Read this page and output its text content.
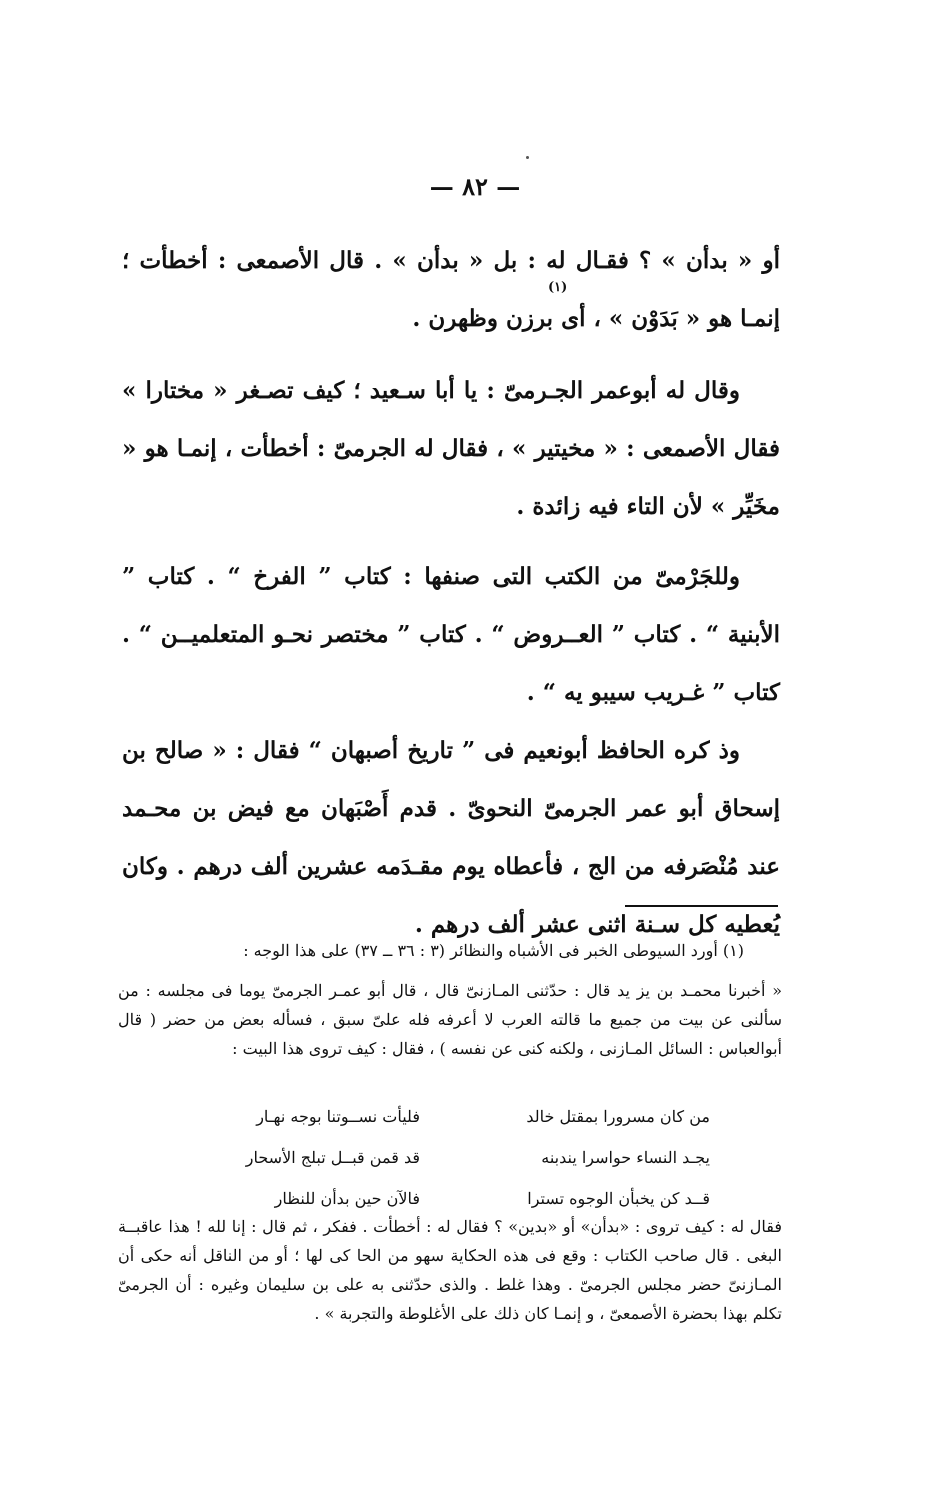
— ٨٢ —
(١)

أو « بدأن » ؟ فقـال له : بل « بدأن » . قال الأصمعى : أخطأت ؛ إنمـا هو « بَدَوْن » ، أى برزن وظهرن .

وقال له أبوعمر الجـرمىّ : يا أبا سـعيد ؛ كيف تصـغر « مختارا » فقال الأصمعى : « مخيتير » ، فقال له الجرمىّ : أخطأت ، إنمـا هو « مخَيِّر » لأن التاء فيه زائدة .

وللجَرْمىّ من الكتب التى صنفها : كتاب ” الفرخ “ . كتاب ” الأبنية “ . كتاب ” العــروض “ . كتاب ” مختصر نحـو المتعلميــن “ . كتاب ” غـريب سيبو يه “ .

وذ كره الحافظ أبونعيم فى ” تاريخ أصبهان “ فقال : « صالح بن إسحاق أبو عمر الجرمىّ النحوىّ . قدم أَصْبَهان مع فيض بن محـمد عند مُنْصَرفه من الج ، فأعطاه يوم مقـدَمه عشرين ألف درهم . وكان يُعطيه كل سـنة اثنى عشر ألف درهم .

(١) أورد السيوطى الخبر فى الأشباه والنظائر (٣ : ٣٦ ــ ٣٧) على هذا الوجه :

« أخبرنا محمـد بن يز يد قال : حدّثنى المـازنىّ قال ، قال أبو عمـر الجرمىّ يوما فى مجلسه : من سألنى عن بيت من جميع ما قالته العرب لا أعرفه فله علىّ سبق ، فسأله بعض من حضر ( قال أبوالعباس : السائل المـازنى ، ولكنه كنى عن نفسه ) ، فقال : كيف تروى هذا البيت :

من كان مسرورا بمقتل خالد
فليأت نســوتنا بوجه نهـار
يجـد النساء حواسرا يندبنه
قد قمن قبــل تبلج الأسحار
قــد كن يخبأن الوجوه تسترا
فالآن حين بدأن للنظار

فقال له : كيف تروى : «بدأن» أو «بدين» ؟ فقال له : أخطأت . ففكر ، ثم قال : إنا لله ! هذا عاقبــة البغى . قال صاحب الكتاب : وقع فى هذه الحكاية سهو من الحا كى لها ؛ أو من الناقل أنه حكى أن المـازنىّ حضر مجلس الجرمىّ . وهذا غلط . والذى حدّثنى به على بن سليمان وغيره : أن الجرمىّ تكلم بهذا بحضرة الأصمعىّ ، و إنمـا كان ذلك على الأغلوطة والتجربة » .
